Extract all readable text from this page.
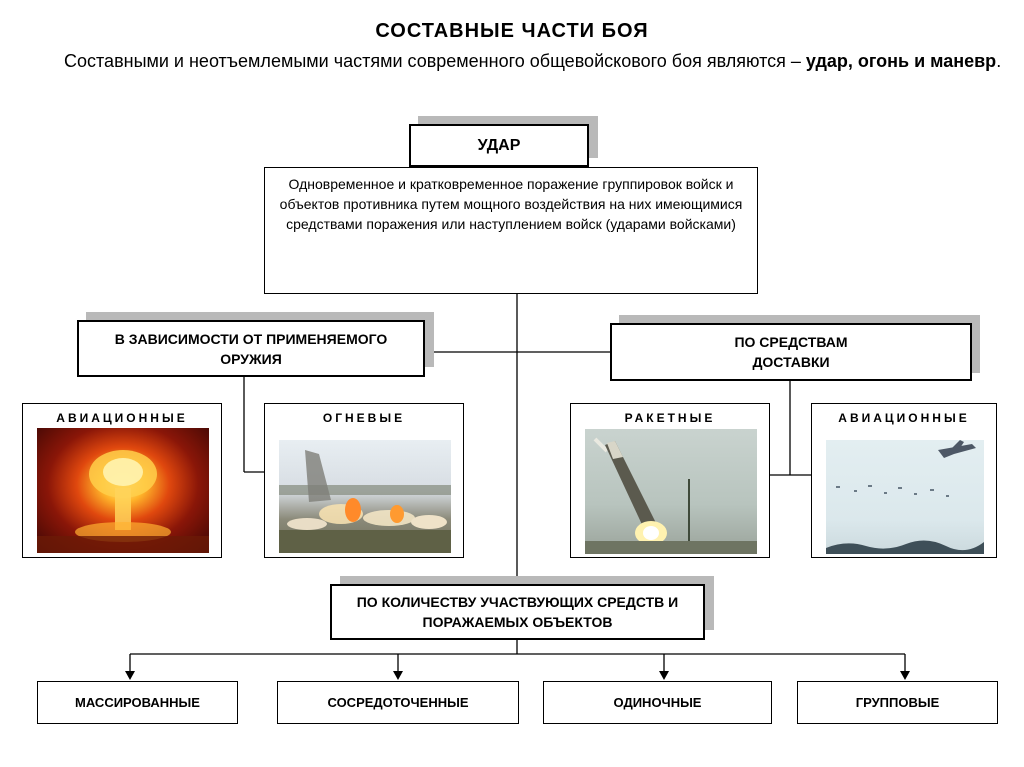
СОСТАВНЫЕ ЧАСТИ БОЯ
Составными и неотъемлемыми частями современного общевойскового боя являются – удар, огонь и маневр.
УДАР
Одновременное и кратковременное поражение группировок войск и объектов противника путем мощного воздействия на них имеющимися средствами поражения или наступлением войск (ударами войсками)
В ЗАВИСИМОСТИ ОТ ПРИМЕНЯЕМОГО ОРУЖИЯ
ПО СРЕДСТВАМ ДОСТАВКИ
АВИАЦИОННЫЕ	ОГНЕВЫЕ	РАКЕТНЫЕ	АВИАЦИОННЫЕ
ПО КОЛИЧЕСТВУ УЧАСТВУЮЩИХ СРЕДСТВ И ПОРАЖАЕМЫХ ОБЪЕКТОВ
МАССИРОВАННЫЕ	СОСРЕДОТОЧЕННЫЕ	ОДИНОЧНЫЕ	ГРУППОВЫЕ
